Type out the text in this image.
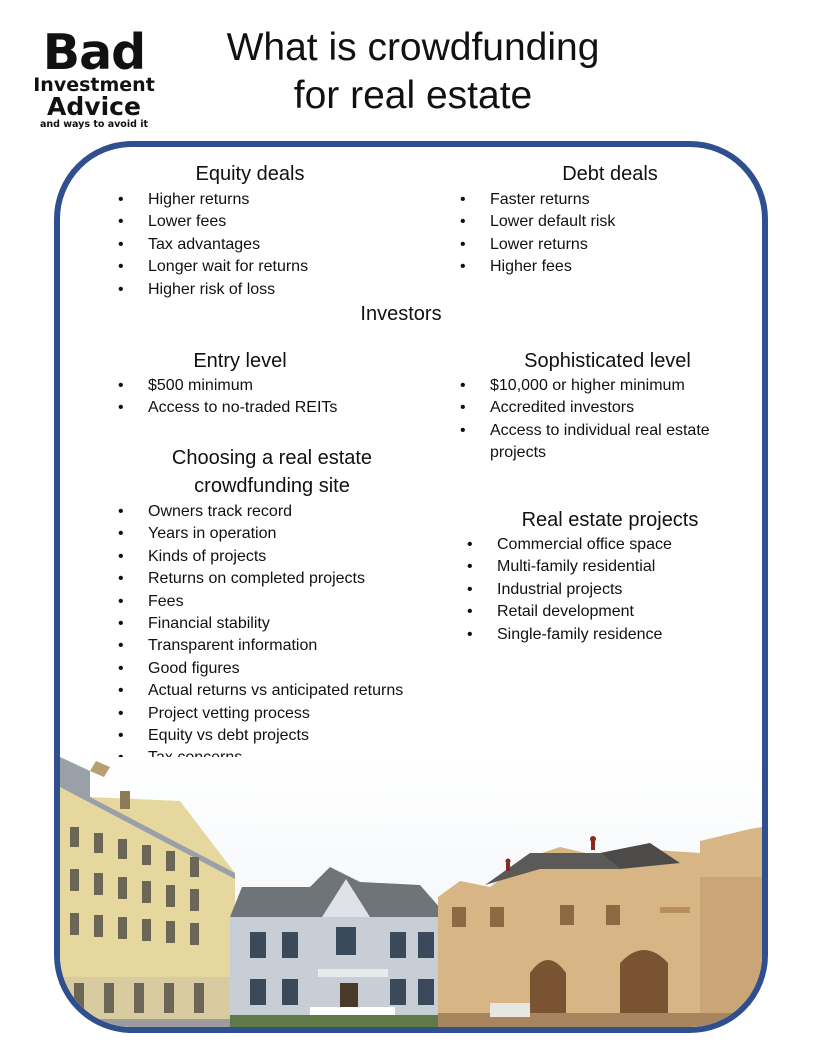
Bad
Investment
Advice
and ways to avoid it
What is crowdfunding
for real estate
Equity deals
• Higher returns
• Lower fees
• Tax advantages
• Longer wait for returns
• Higher risk of loss
Debt deals
• Faster returns
• Lower default risk
• Lower returns
• Higher fees
Investors
Entry level
• $500 minimum
• Access to no-traded REITs
Sophisticated level
• $10,000 or higher minimum
• Accredited investors
• Access to individual real estate projects
Choosing a real estate
crowdfunding site
• Owners track record
• Years in operation
• Kinds of projects
• Returns on completed projects
• Fees
• Financial stability
• Transparent information
• Good figures
• Actual returns vs anticipated returns
• Project vetting process
• Equity vs debt projects
•
•
Real estate projects
• Commercial office space
• Multi-family residential
• Industrial projects
• Retail development
• Single-family residence
